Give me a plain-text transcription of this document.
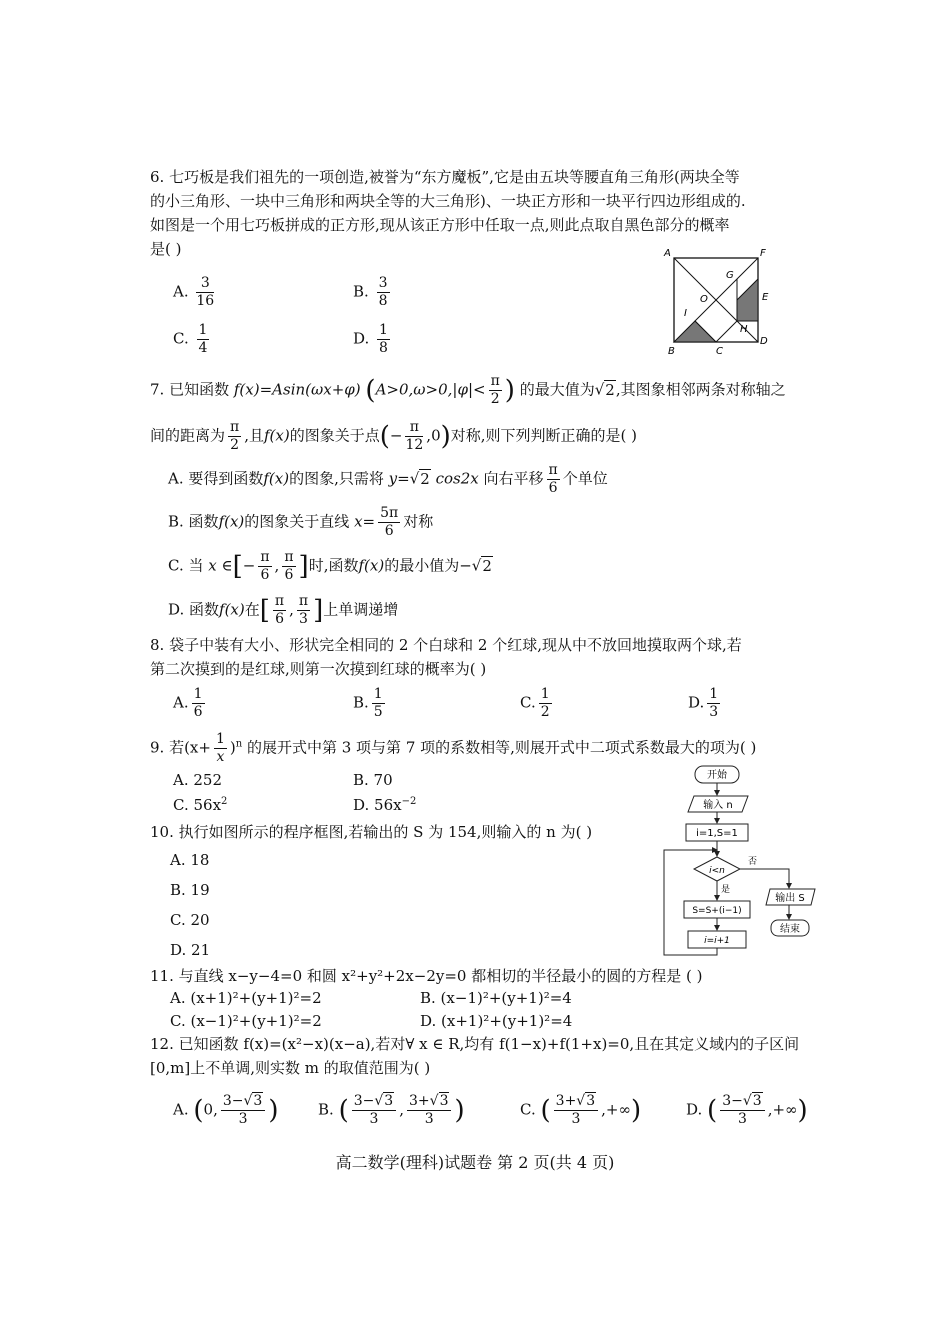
6. 七巧板是我们祖先的一项创造,被誉为“东方魔板”,它是由五块等腰直角三角形(两块全等
的小三角形、一块中三角形和两块全等的大三角形)、一块正方形和一块平行四边形组成的.
如图是一个用七巧板拼成的正方形,现从该正方形中任取一点,则此点取自黑色部分的概率
是( )
A. $\frac{3}{16}$	B. $\frac{3}{8}$
C. $\frac{1}{4}$	D. $\frac{1}{8}$
A	F
G
O	E
I
H
B	C
D
7. 已知函数 f(x)=Asin(ωx+φ) ($A>0,\omega>0,|\varphi|< \frac{\pi}{2}$ ) 的最大值为√2,其图象相邻两条对称轴之
间的距离为 $\frac{\pi}{2}$ ,且f(x)的图象关于点(− $\frac{\pi}{12} ,0$)对称,则下列判断正确的是( )
A. 要得到函数f(x)的图象,只需将 y=√2 cos2x 向右平移 $\frac{\pi}{6}$ 个单位
B. 函数f(x)的图象关于直线 $x= \frac{5\pi}{6}$ 对称
C. 当 x ∈[− $\frac{\pi}{6}$ , $\frac{\pi}{6}$ ]时,函数f(x)的最小值为−√2
D. 函数f(x)在[ $\frac{\pi}{6}$ , $\frac{\pi}{3}$ ]上单调递增
8. 袋子中装有大小、形状完全相同的 2 个白球和 2 个红球,现从中不放回地摸取两个球,若
第二次摸到的是红球,则第一次摸到红球的概率为( )
A. $\frac{1}{6}$	B. $\frac{1}{5}$	C. $\frac{1}{2}$	D. $\frac{1}{3}$
9. 若$(x+ \frac{1}{x} )^n$ 的展开式中第 3 项与第 7 项的系数相等,则展开式中二项式系数最大的项为( )
A. 252	B. 70
C. $56x^2$	D. $56x^{-2}$
10. 执行如图所示的程序框图,若输出的 S 为 154,则输入的 n 为( )
A. 18
B. 19
C. 20
D. 21
开始
输入 n
i=1,S=1
i<n
否
输出 S
结束
是
S=S+(i−1)
i=i+1
11. 与直线 x−y−4=0 和圆 x²+y²+2x−2y=0 都相切的半径最小的圆的方程是 ( )
A. (x+1)²+(y+1)²=2	B. (x−1)²+(y+1)²=4
C. (x−1)²+(y+1)²=2	D. (x+1)²+(y+1)²=4
12. 已知函数 f(x)=(x²−x)(x−a),若对∀ x ∈ R,均有 f(1−x)+f(1+x)=0,且在其定义域内的子区间
[0,m]上不单调,则实数 m 的取值范围为( )
A. (0, $\frac{3-√3}{3}$ )	B. ( $\frac{3-√3}{3}$ , $\frac{3+√3}{3}$ )	C. ( $\frac{3+√3}{3}$ ,+∞)	D. ( $\frac{3-√3}{3}$ ,+∞)
高二数学(理科)试题卷 第 2 页(共 4 页)
